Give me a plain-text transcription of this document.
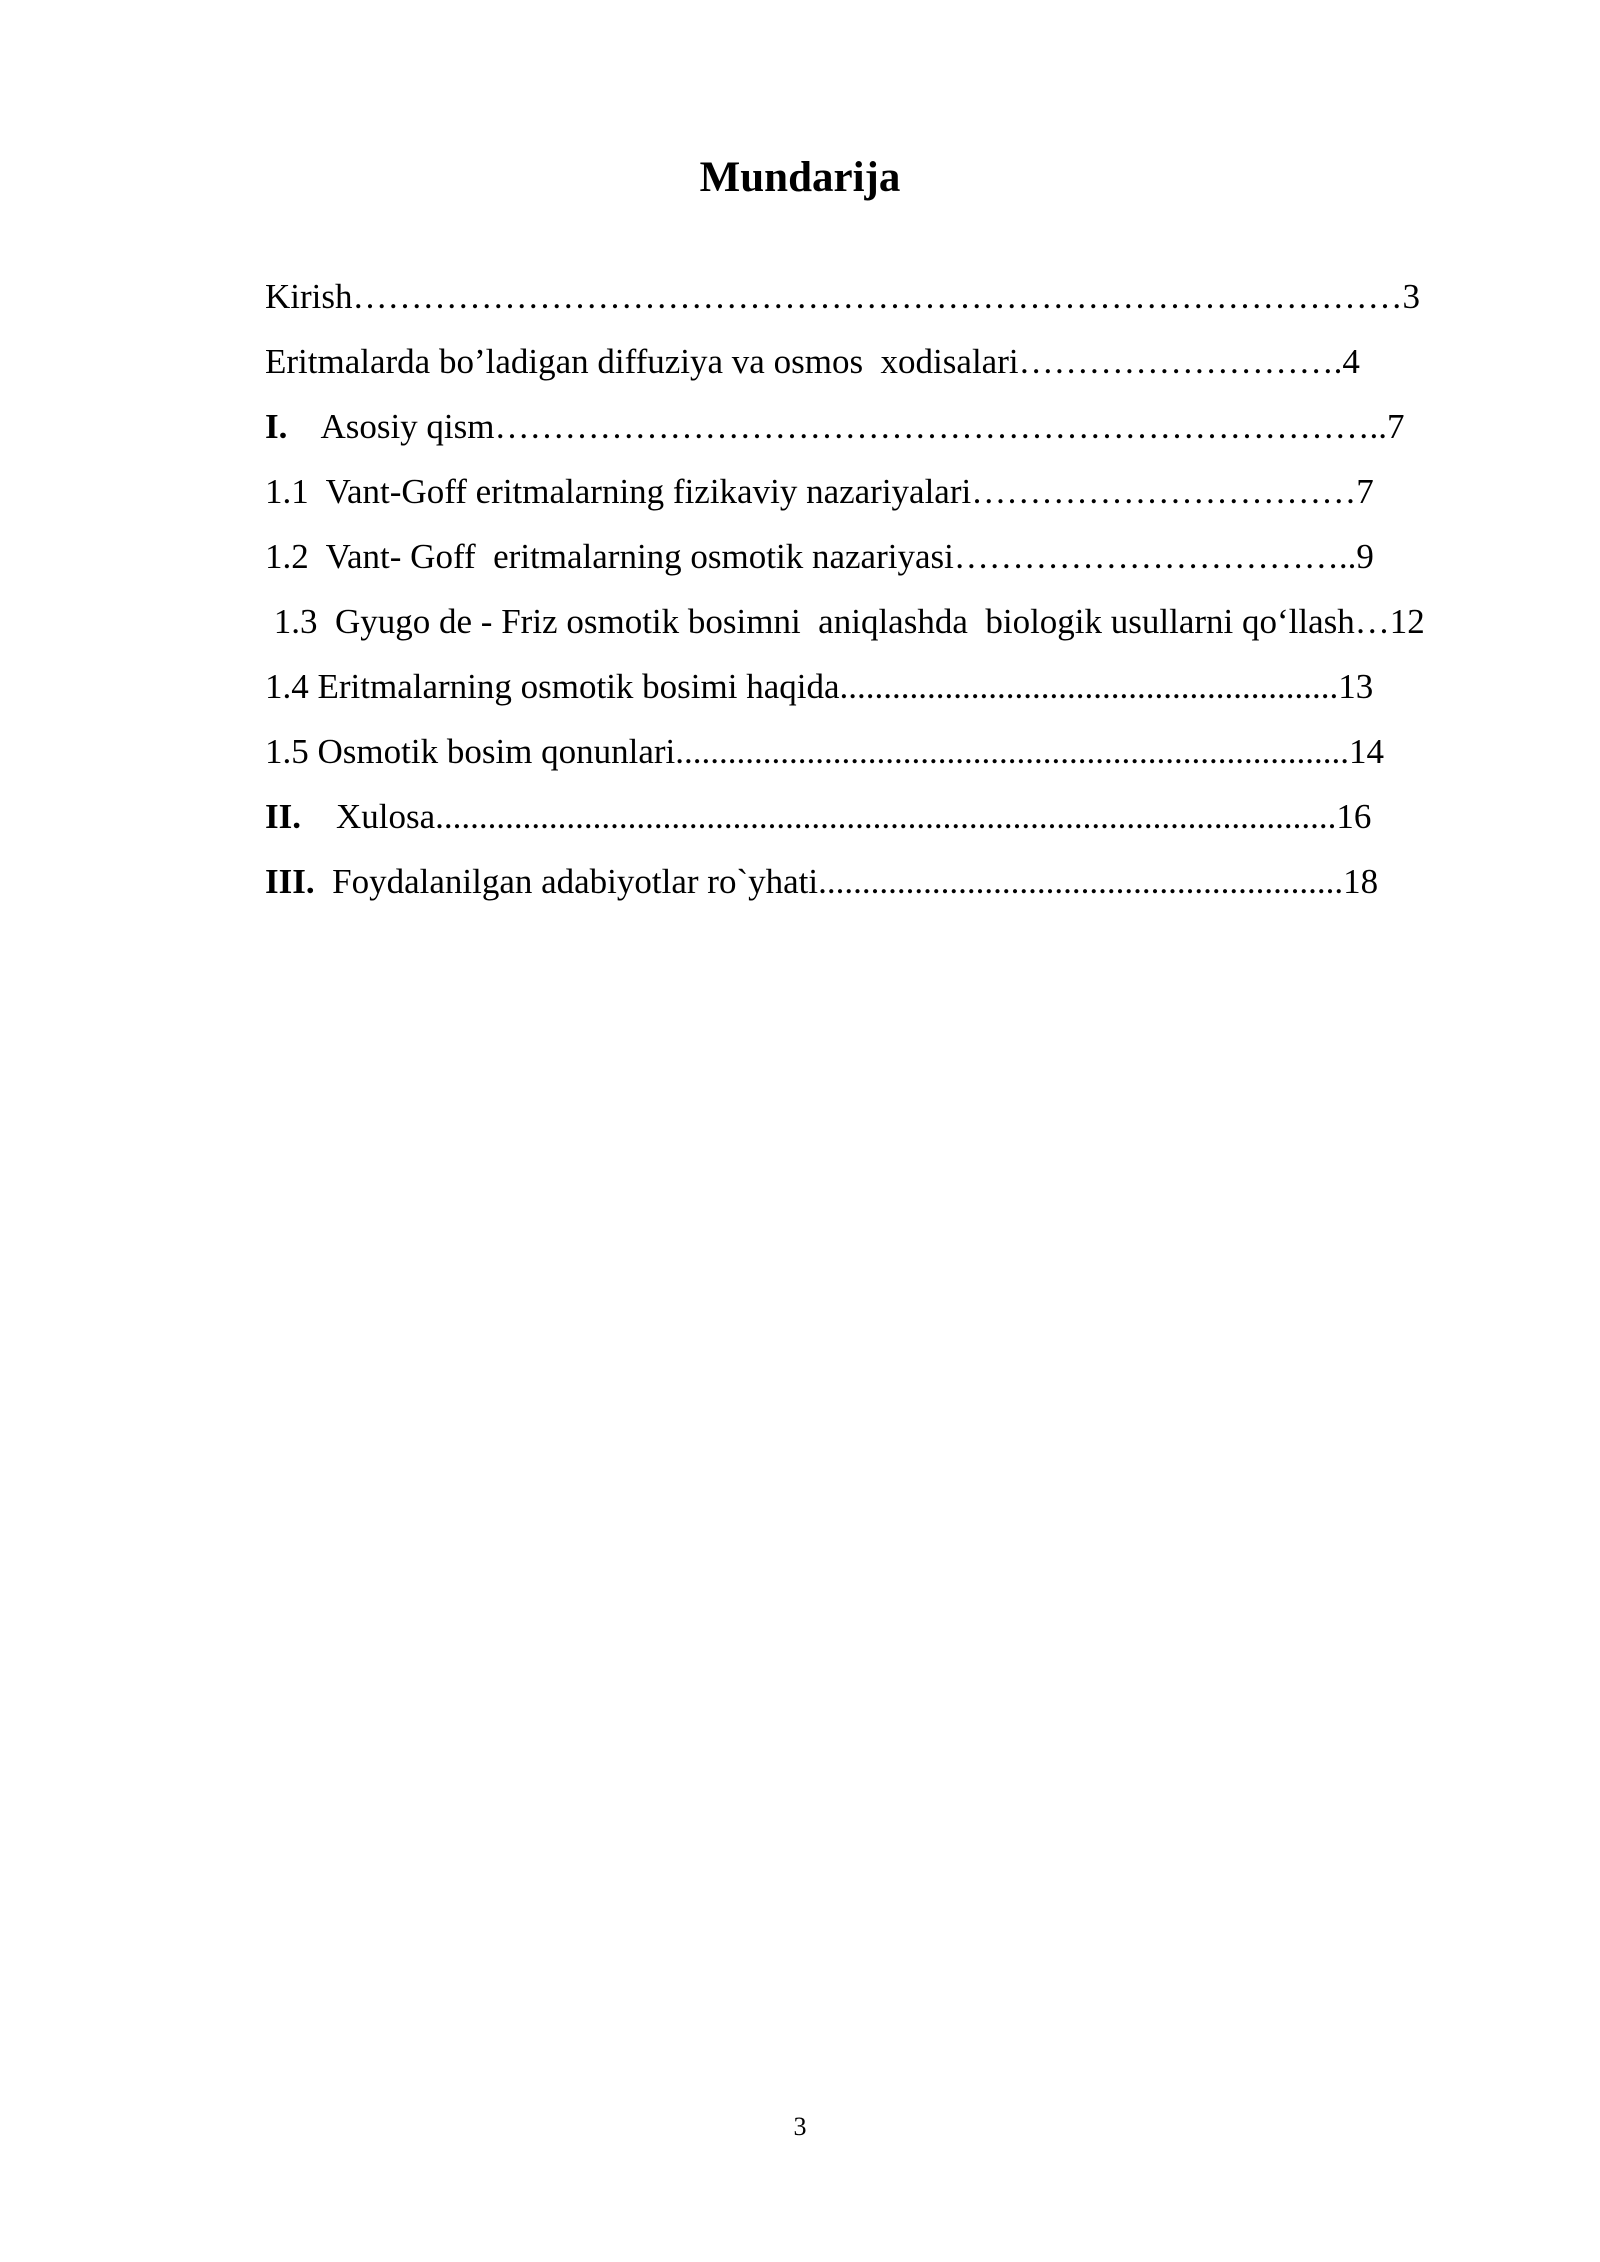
Mundarija

Kirish………………………………………………………………………………3

Eritmalarda bo’ladigan diffuziya va osmos  xodisalari……………………….4

I.    Asosiy qism…………………………………………………………………..7

1.1  Vant-Goff eritmalarning fizikaviy nazariyalari……………………………7

1.2  Vant- Goff  eritmalarning osmotik nazariyasi……………………………..9

1.3  Gyugo de - Friz osmotik bosimni  aniqlashda  biologik usullarni qo‘llash…12

1.4 Eritmalarning osmotik bosimi haqida.........................................................13

1.5 Osmotik bosim qonunlari.............................................................................14

II.    Xulosa.......................................................................................................16

III.  Foydalanilgan adabiyotlar ro`yhati............................................................18

3
